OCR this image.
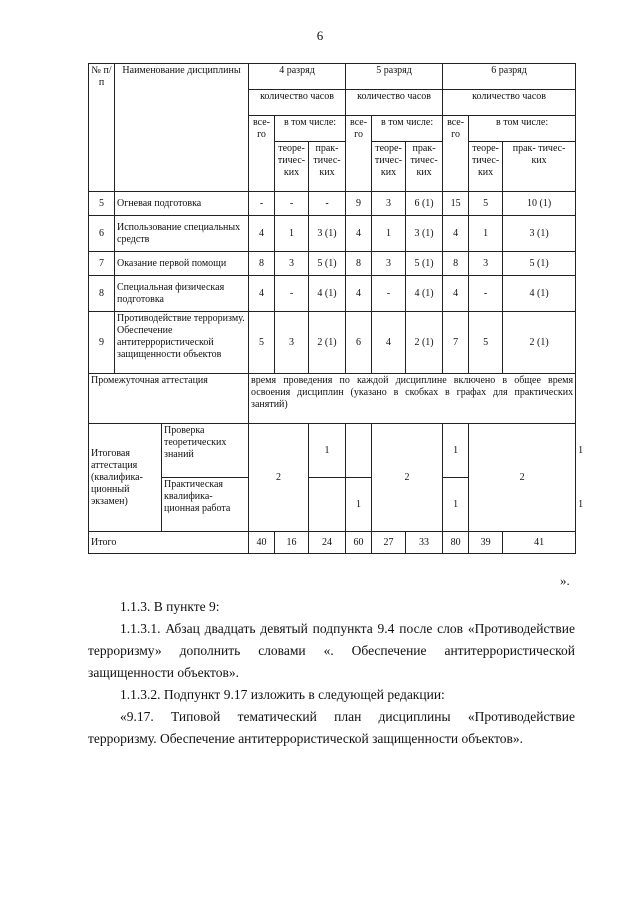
6
№ п/п	Наименование дисциплины		4 разряд			5 разряд			6 разряд			
			количество часов			количество часов			количество часов			
			все- го	в том числе:		все- го	в том числе:		все- го	в том числе:		
				теоре- тичес- ких	прак- тичес- ких		теоре- тичес- ких	прак- тичес- ких		теоре- тичес- ких	прак- тичес- ких	
5	Огневая подготовка		-	-	-	9	3	6 (1)	15	5	10 (1)	
6	Использование специальных средств		4	1	3 (1)	4	1	3 (1)	4	1	3 (1)	
7	Оказание первой помощи		8	3	5 (1)	8	3	5 (1)	8	3	5 (1)	
8	Специальная физическая подготовка		4	-	4 (1)	4	-	4 (1)	4	-	4 (1)	
9	Противодействие терроризму. Обеспечение антитеррористической защищенности объектов		5	3	2 (1)	6	4	2 (1)	7	5	2 (1)	
Промежуточная аттестация			время проведения по каждой дисциплине включено в общее время освоения дисциплин (указано в скобках в графах для практических занятий)									
Итоговая аттестация (квалифика- ционный экзамен)		Проверка теоретических знаний	2		1		2		1	2		1
		Практическая квалифика- ционная работа				1			1			1
Итого			40	16	24	60	27	33	80	39	41	
».

1.1.3. В пункте 9:

1.1.3.1. Абзац двадцать девятый подпункта 9.4 после слов «Противодействие терроризму» дополнить словами «. Обеспечение антитеррористической защищенности объектов».

1.1.3.2. Подпункт 9.17 изложить в следующей редакции:

«9.17. Типовой тематический план дисциплины «Противодействие терроризму. Обеспечение антитеррористической защищенности объектов».
